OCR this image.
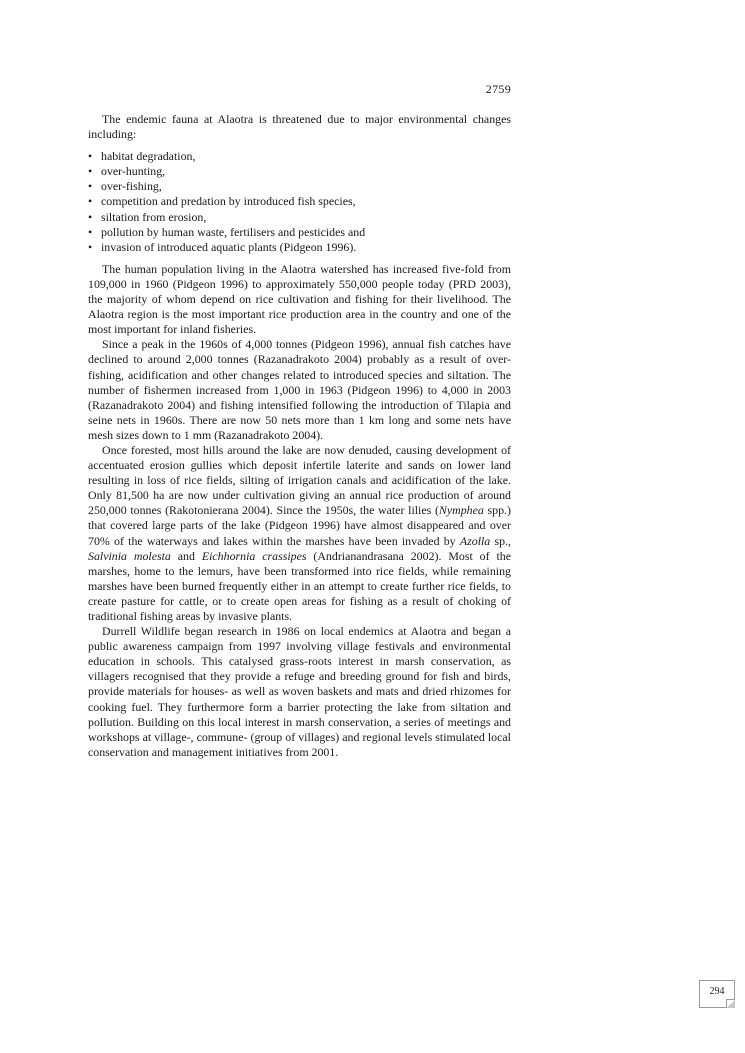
2759

The endemic fauna at Alaotra is threatened due to major environmental changes including:

• habitat degradation,
• over-hunting,
• over-fishing,
• competition and predation by introduced fish species,
• siltation from erosion,
• pollution by human waste, fertilisers and pesticides and
• invasion of introduced aquatic plants (Pidgeon 1996).

The human population living in the Alaotra watershed has increased five-fold from 109,000 in 1960 (Pidgeon 1996) to approximately 550,000 people today (PRD 2003), the majority of whom depend on rice cultivation and fishing for their livelihood. The Alaotra region is the most important rice production area in the country and one of the most important for inland fisheries.

Since a peak in the 1960s of 4,000 tonnes (Pidgeon 1996), annual fish catches have declined to around 2,000 tonnes (Razanadrakoto 2004) probably as a result of over-fishing, acidification and other changes related to introduced species and siltation. The number of fishermen increased from 1,000 in 1963 (Pidgeon 1996) to 4,000 in 2003 (Razanadrakoto 2004) and fishing intensified following the introduction of Tilapia and seine nets in 1960s. There are now 50 nets more than 1 km long and some nets have mesh sizes down to 1 mm (Razanadrakoto 2004).

Once forested, most hills around the lake are now denuded, causing development of accentuated erosion gullies which deposit infertile laterite and sands on lower land resulting in loss of rice fields, silting of irrigation canals and acidification of the lake. Only 81,500 ha are now under cultivation giving an annual rice production of around 250,000 tonnes (Rakotonierana 2004). Since the 1950s, the water lilies (Nymphea spp.) that covered large parts of the lake (Pidgeon 1996) have almost disappeared and over 70% of the waterways and lakes within the marshes have been invaded by Azolla sp., Salvinia molesta and Eichhornia crassipes (Andrianandrasana 2002). Most of the marshes, home to the lemurs, have been transformed into rice fields, while remaining marshes have been burned frequently either in an attempt to create further rice fields, to create pasture for cattle, or to create open areas for fishing as a result of choking of traditional fishing areas by invasive plants.

Durrell Wildlife began research in 1986 on local endemics at Alaotra and began a public awareness campaign from 1997 involving village festivals and environmental education in schools. This catalysed grass-roots interest in marsh conservation, as villagers recognised that they provide a refuge and breeding ground for fish and birds, provide materials for houses- as well as woven baskets and mats and dried rhizomes for cooking fuel. They furthermore form a barrier protecting the lake from siltation and pollution. Building on this local interest in marsh conservation, a series of meetings and workshops at village-, commune- (group of villages) and regional levels stimulated local conservation and management initiatives from 2001.

294
